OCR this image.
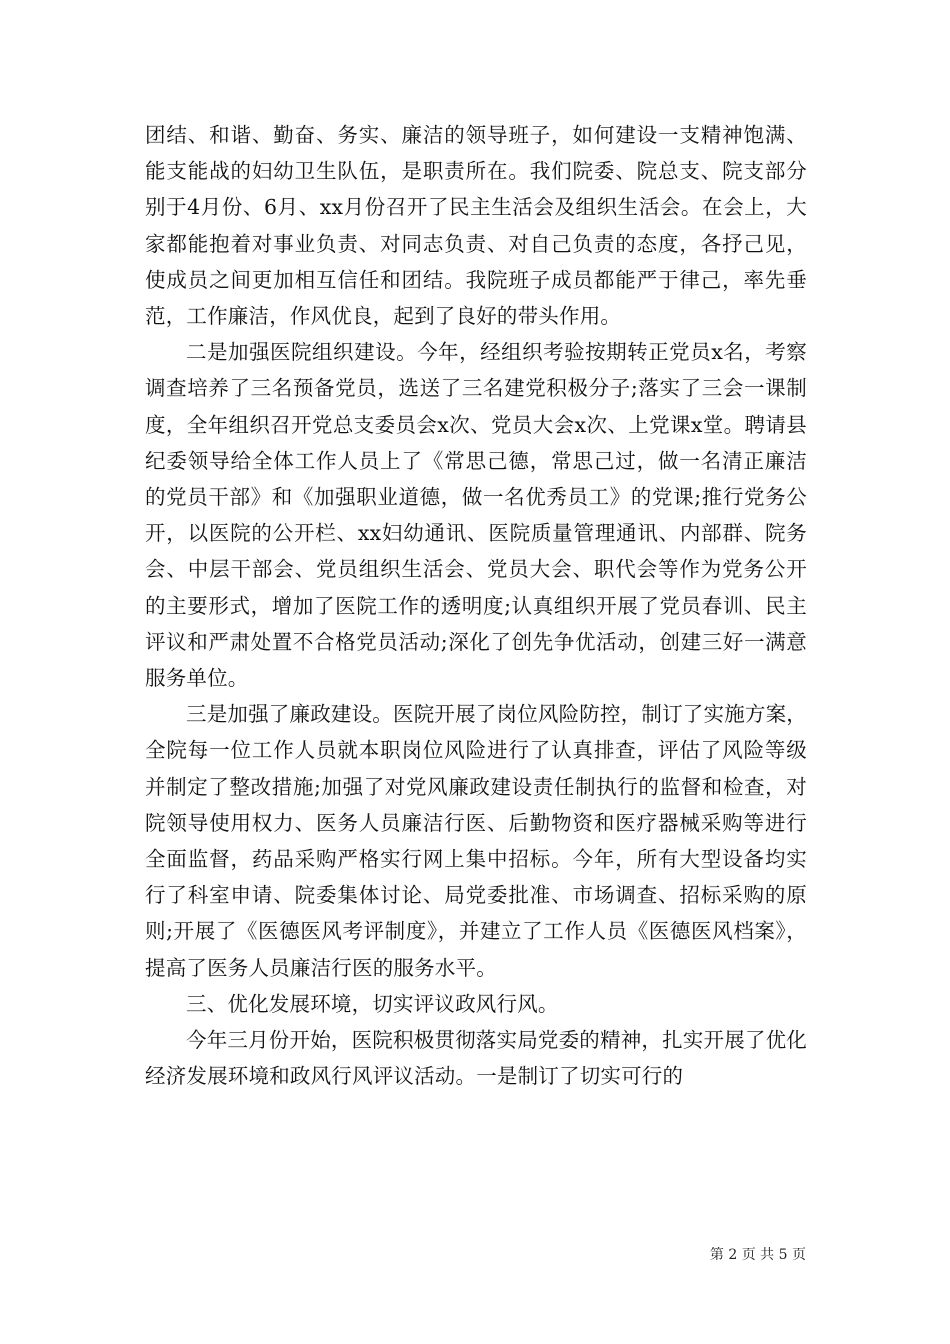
团结、和谐、勤奋、务实、廉洁的领导班子，如何建设一支精神饱满、能支能战的妇幼卫生队伍，是职责所在。我们院委、院总支、院支部分别于4月份、6月、xx月份召开了民主生活会及组织生活会。在会上，大家都能抱着对事业负责、对同志负责、对自己负责的态度，各抒己见，使成员之间更加相互信任和团结。我院班子成员都能严于律己，率先垂范，工作廉洁，作风优良，起到了良好的带头作用。

二是加强医院组织建设。今年，经组织考验按期转正党员x名，考察调查培养了三名预备党员，选送了三名建党积极分子;落实了三会一课制度，全年组织召开党总支委员会x次、党员大会x次、上党课x堂。聘请县纪委领导给全体工作人员上了《常思己德，常思己过，做一名清正廉洁的党员干部》和《加强职业道德，做一名优秀员工》的党课;推行党务公开，以医院的公开栏、xx妇幼通讯、医院质量管理通讯、内部群、院务会、中层干部会、党员组织生活会、党员大会、职代会等作为党务公开的主要形式，增加了医院工作的透明度;认真组织开展了党员春训、民主评议和严肃处置不合格党员活动;深化了创先争优活动，创建三好一满意服务单位。

三是加强了廉政建设。医院开展了岗位风险防控，制订了实施方案，全院每一位工作人员就本职岗位风险进行了认真排查，评估了风险等级并制定了整改措施;加强了对党风廉政建设责任制执行的监督和检查，对院领导使用权力、医务人员廉洁行医、后勤物资和医疗器械采购等进行全面监督，药品采购严格实行网上集中招标。今年，所有大型设备均实行了科室申请、院委集体讨论、局党委批准、市场调查、招标采购的原则;开展了《医德医风考评制度》，并建立了工作人员《医德医风档案》，提高了医务人员廉洁行医的服务水平。

三、优化发展环境，切实评议政风行风。

今年三月份开始，医院积极贯彻落实局党委的精神，扎实开展了优化经济发展环境和政风行风评议活动。一是制订了切实可行的

第 2 页 共 5 页
